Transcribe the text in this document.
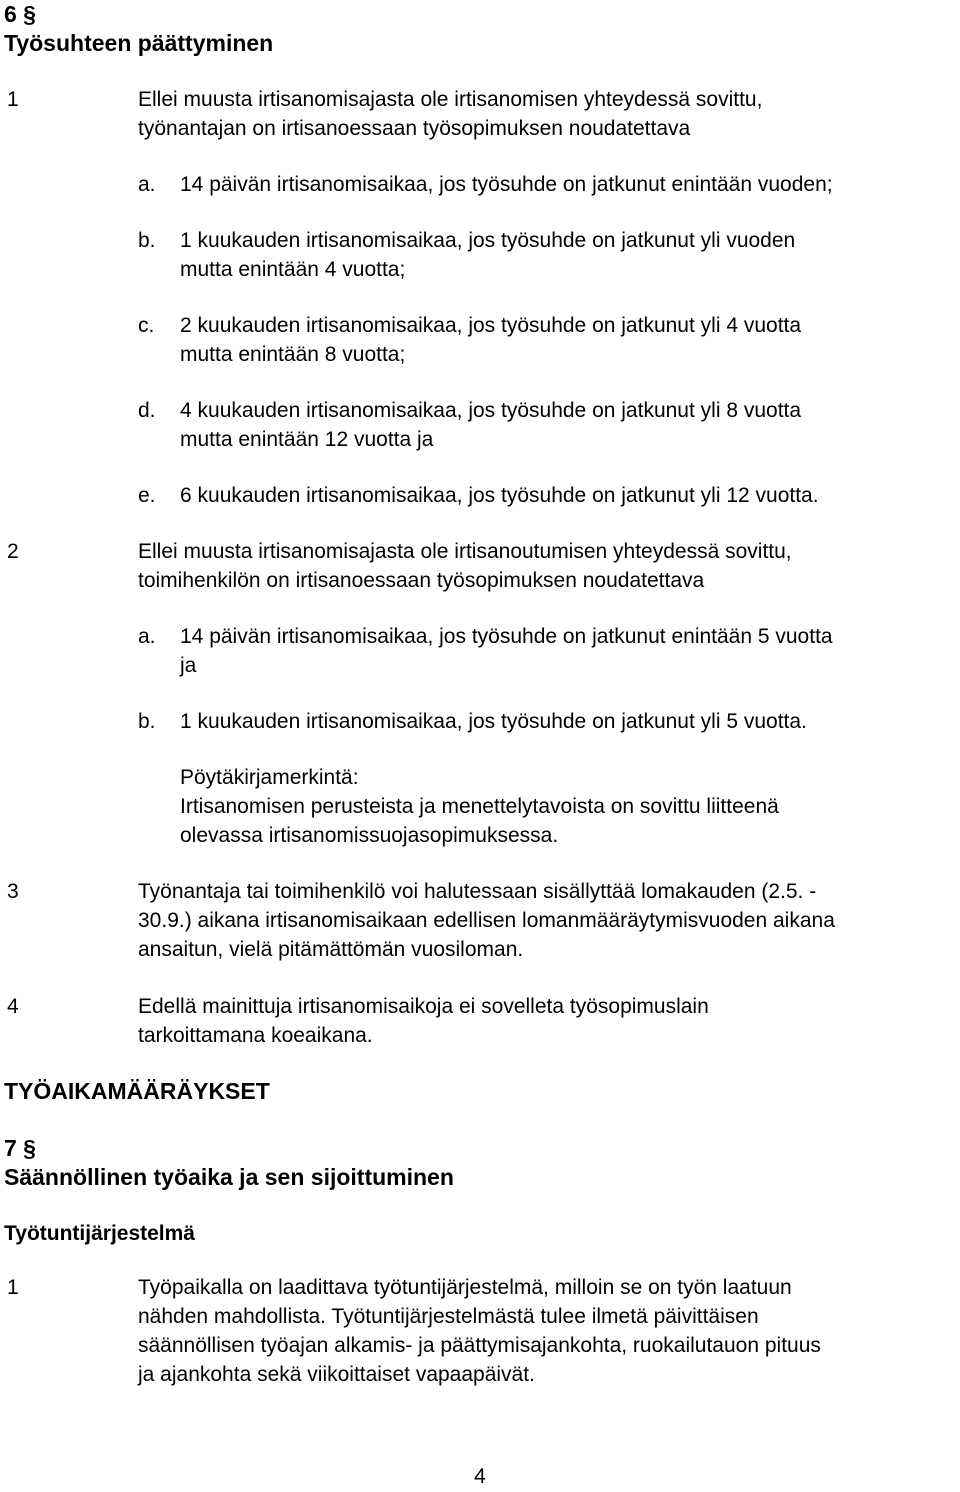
6 §
Työsuhteen päättyminen
1	Ellei muusta irtisanomisajasta ole irtisanomisen yhteydessä sovittu,
työnantajan on irtisanoessaan työsopimuksen noudatettava
a. 14 päivän irtisanomisaikaa, jos työsuhde on jatkunut enintään vuoden;
b. 1 kuukauden irtisanomisaikaa, jos työsuhde on jatkunut yli vuoden
mutta enintään 4 vuotta;
c. 2 kuukauden irtisanomisaikaa, jos työsuhde on jatkunut yli 4 vuotta
mutta enintään 8 vuotta;
d. 4 kuukauden irtisanomisaikaa, jos työsuhde on jatkunut yli 8 vuotta
mutta enintään 12 vuotta ja
e. 6 kuukauden irtisanomisaikaa, jos työsuhde on jatkunut yli 12 vuotta.
2	Ellei muusta irtisanomisajasta ole irtisanoutumisen yhteydessä sovittu,
toimihenkilön on irtisanoessaan työsopimuksen noudatettava
a. 14 päivän irtisanomisaikaa, jos työsuhde on jatkunut enintään 5 vuotta
ja
b. 1 kuukauden irtisanomisaikaa, jos työsuhde on jatkunut yli 5 vuotta.
Pöytäkirjamerkintä:
Irtisanomisen perusteista ja menettelytavoista on sovittu liitteenä
olevassa irtisanomissuojasopimuksessa.
3	Työnantaja tai toimihenkilö voi halutessaan sisällyttää lomakauden (2.5. -
30.9.) aikana irtisanomisaikaan edellisen lomanmääräytymisvuoden aikana
ansaitun, vielä pitämättömän vuosiloman.
4	Edellä mainittuja irtisanomisaikoja ei sovelleta työsopimuslain
tarkoittamana koeaikana.
TYÖAIKAMÄÄRÄYKSET
7 §
Säännöllinen työaika ja sen sijoittuminen
Työtuntijärjestelmä
1	Työpaikalla on laadittava työtuntijärjestelmä, milloin se on työn laatuun
nähden mahdollista. Työtuntijärjestelmästä tulee ilmetä päivittäisen
säännöllisen työajan alkamis- ja päättymisajankohta, ruokailutauon pituus
ja ajankohta sekä viikoittaiset vapaapäivät.
4
